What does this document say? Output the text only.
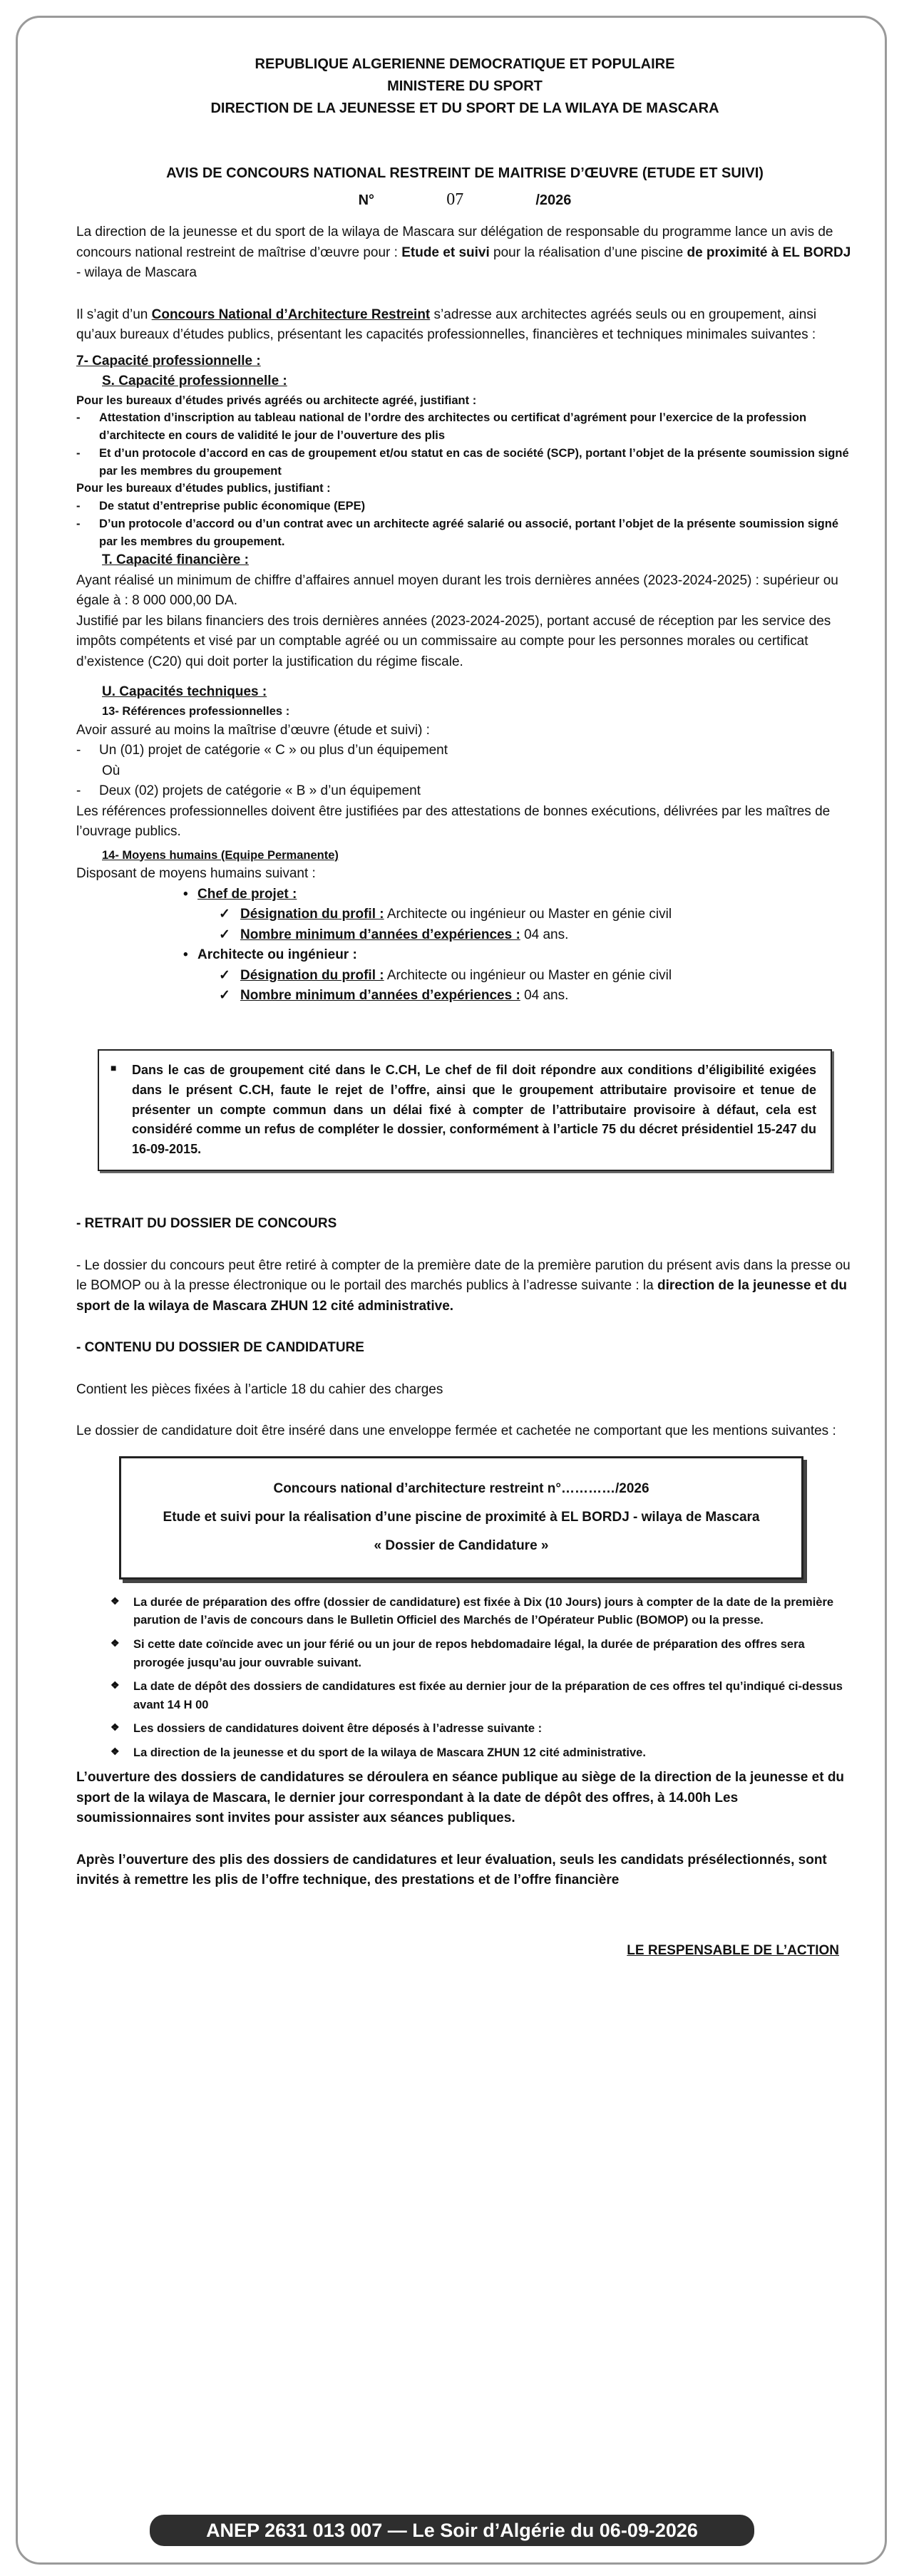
REPUBLIQUE ALGERIENNE DEMOCRATIQUE ET POPULAIRE
MINISTERE DU SPORT
DIRECTION DE LA JEUNESSE ET DU SPORT DE LA WILAYA DE MASCARA
AVIS DE CONCOURS NATIONAL RESTREINT DE MAITRISE D’ŒUVRE (ETUDE ET SUIVI)
N°	07	/2026

La direction de la jeunesse et du sport de la wilaya de Mascara sur délégation de responsable du programme lance un avis de concours national restreint de maîtrise d’œuvre pour : Etude et suivi pour la réalisation d’une piscine de proximité à EL BORDJ - wilaya de Mascara

Il s’agit d’un Concours National d’Architecture Restreint s’adresse aux architectes agréés seuls ou en groupement, ainsi qu’aux bureaux d’études publics, présentant les capacités professionnelles, financières et techniques minimales suivantes :

7- Capacité professionnelle :
S. Capacité professionnelle :
Pour les bureaux d’études privés agréés ou architecte agréé, justifiant :
- Attestation d’inscription au tableau national de l’ordre des architectes ou certificat d’agrément pour l’exercice de la profession d’architecte en cours de validité le jour de l’ouverture des plis
- Et d’un protocole d’accord en cas de groupement et/ou statut en cas de société (SCP), portant l’objet de la présente soumission signé par les membres du groupement
Pour les bureaux d’études publics, justifiant :
- De statut d’entreprise public économique (EPE)
- D’un protocole d’accord ou d’un contrat avec un architecte agréé salarié ou associé, portant l’objet de la présente soumission signé par les membres du groupement.
T. Capacité financière :

Ayant réalisé un minimum de chiffre d’affaires annuel moyen durant les trois dernières années (2023-2024-2025) : supérieur ou égale à : 8 000 000,00 DA.

Justifié par les bilans financiers des trois dernières années (2023-2024-2025), portant accusé de réception par les service des impôts compétents et visé par un comptable agréé ou un commissaire au compte pour les personnes morales ou certificat d’existence (C20) qui doit porter la justification du régime fiscale.

U. Capacités techniques :
13- Références professionnelles :

Avoir assuré au moins la maîtrise d’œuvre (étude et suivi) :

- Un (01) projet de catégorie « C » ou plus d’un équipement
Où
- Deux (02) projets de catégorie « B » d’un équipement

Les références professionnelles doivent être justifiées par des attestations de bonnes exécutions, délivrées par les maîtres de l’ouvrage publics.

14- Moyens humains (Equipe Permanente)

Disposant de moyens humains suivant :

• Chef de projet :
✓ Désignation du profil : Architecte ou ingénieur ou Master en génie civil
✓ Nombre minimum d’années d’expériences : 04 ans.
• Architecte ou ingénieur :
✓ Désignation du profil : Architecte ou ingénieur ou Master en génie civil
✓ Nombre minimum d’années d’expériences : 04 ans.
■ Dans le cas de groupement cité dans le C.CH, Le chef de fil doit répondre aux conditions d’éligibilité exigées dans le présent C.CH, faute le rejet de l’offre, ainsi que le groupement attributaire provisoire et tenue de présenter un compte commun dans un délai fixé à compter de l’attributaire provisoire à défaut, cela est considéré comme un refus de compléter le dossier, conformément à l’article 75 du décret présidentiel 15-247 du 16-09-2015.
- RETRAIT DU DOSSIER DE CONCOURS

- Le dossier du concours peut être retiré à compter de la première date de la première parution du présent avis dans la presse ou le BOMOP ou à la presse électronique ou le portail des marchés publics à l’adresse suivante : la direction de la jeunesse et du sport de la wilaya de Mascara ZHUN 12 cité administrative.

- CONTENU DU DOSSIER DE CANDIDATURE

Contient les pièces fixées à l’article 18 du cahier des charges

Le dossier de candidature doit être inséré dans une enveloppe fermée et cachetée ne comportant que les mentions suivantes :

Concours national d’architecture restreint n°…………/2026

Etude et suivi pour la réalisation d’une piscine de proximité à EL BORDJ - wilaya de Mascara

« Dossier de Candidature »

❖ La durée de préparation des offre (dossier de candidature) est fixée à Dix (10 Jours) jours à compter de la date de la première parution de l’avis de concours dans le Bulletin Officiel des Marchés de l’Opérateur Public (BOMOP) ou la presse.
❖ Si cette date coïncide avec un jour férié ou un jour de repos hebdomadaire légal, la durée de préparation des offres sera prorogée jusqu’au jour ouvrable suivant.
❖ La date de dépôt des dossiers de candidatures est fixée au dernier jour de la préparation de ces offres tel qu’indiqué ci-dessus avant 14 H 00
❖ Les dossiers de candidatures doivent être déposés à l’adresse suivante :
❖ La direction de la jeunesse et du sport de la wilaya de Mascara ZHUN 12 cité administrative.

L’ouverture des dossiers de candidatures se déroulera en séance publique au siège de la direction de la jeunesse et du sport de la wilaya de Mascara, le dernier jour correspondant à la date de dépôt des offres, à 14.00h Les soumissionnaires sont invites pour assister aux séances publiques.

Après l’ouverture des plis des dossiers de candidatures et leur évaluation, seuls les candidats présélectionnés, sont invités à remettre les plis de l’offre technique, des prestations et de l’offre financière

LE RESPENSABLE DE L’ACTION
ANEP 2631 013 007 — Le Soir d’Algérie du 06-09-2026
